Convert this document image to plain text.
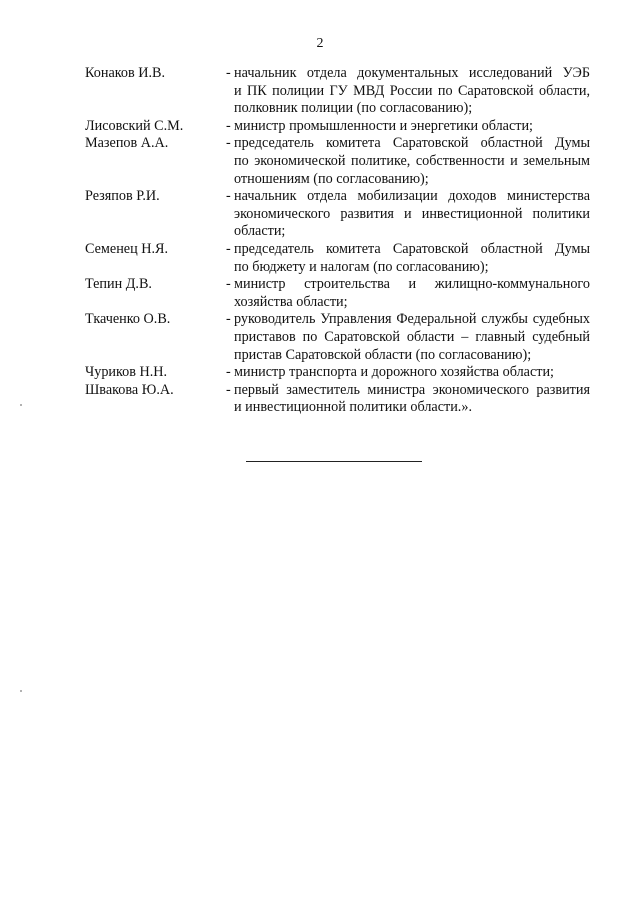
2
Конаков И.В.	- начальник отдела документальных исследований УЭБ
и ПК полиции ГУ МВД России по Саратовской области,
полковник полиции (по согласованию);
Лисовский С.М.	- министр промышленности и энергетики области;
Мазепов А.А.	- председатель комитета Саратовской областной Думы
по экономической политике, собственности и земельным
отношениям (по согласованию);
Резяпов Р.И.	- начальник отдела мобилизации доходов министерства
экономического развития и инвестиционной политики
области;
Семенец Н.Я.	- председатель комитета Саратовской областной Думы
по бюджету и налогам (по согласованию);
Тепин Д.В.	- министр строительства и жилищно-коммунального
хозяйства области;
Ткаченко О.В.	- руководитель Управления Федеральной службы судебных
приставов по Саратовской области – главный судебный
пристав Саратовской области (по согласованию);
Чуриков Н.Н.	- министр транспорта и дорожного хозяйства области;
Швакова Ю.А.	- первый заместитель министра экономического развития
и инвестиционной политики области.».
